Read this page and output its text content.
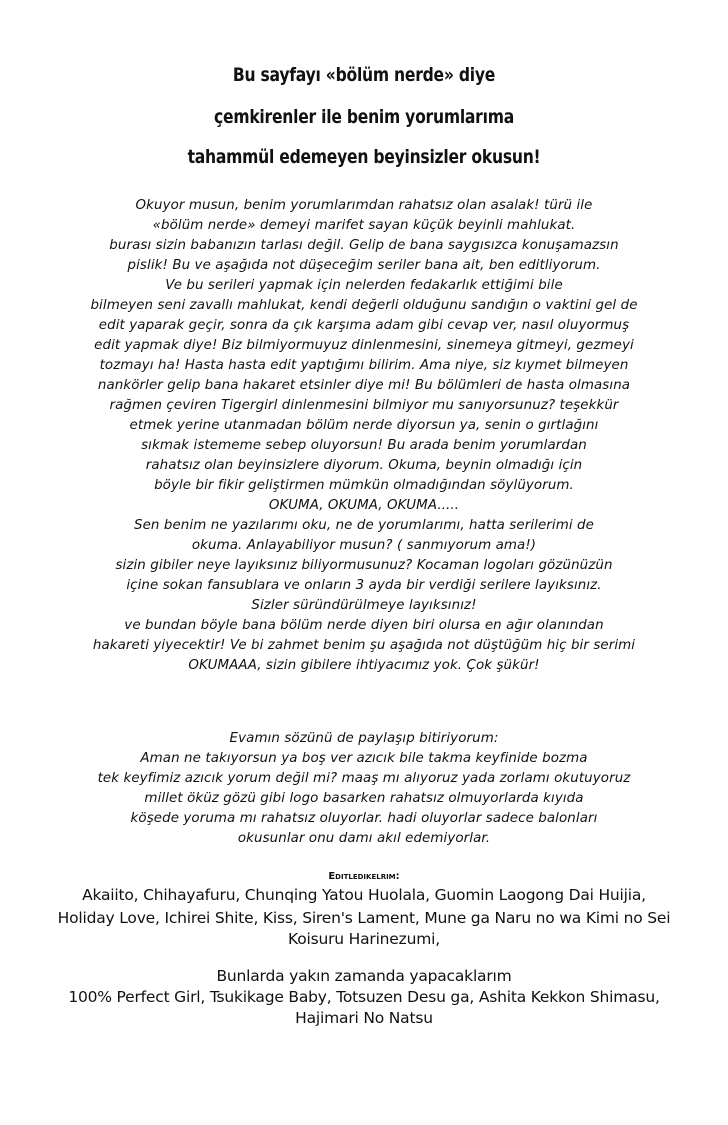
Bu sayfayı «bölüm nerde» diye
çemkirenler ile benim yorumlarıma
tahammül edemeyen beyinsizler okusun!
Okuyor musun, benim yorumlarımdan rahatsız olan asalak! türü ile
«bölüm nerde» demeyi marifet sayan küçük beyinli mahlukat.
burası sizin babanızın tarlası değil. Gelip de bana saygısızca konuşamazsın
pislik! Bu ve aşağıda not düşeceğim seriler bana ait, ben editliyorum.
Ve bu serileri yapmak için nelerden fedakarlık ettiğimi bile
bilmeyen seni zavallı mahlukat, kendi değerli olduğunu sandığın o vaktini gel de
edit yaparak geçir, sonra da çık karşıma adam gibi cevap ver, nasıl oluyormuş
edit yapmak diye! Biz bilmiyormuyuz dinlenmesini, sinemeya gitmeyi, gezmeyi
tozmayı ha! Hasta hasta edit yaptığımı bilirim. Ama niye, siz kıymet bilmeyen
nankörler gelip bana hakaret etsinler diye mi! Bu bölümleri de hasta olmasına
rağmen çeviren Tigergirl dinlenmesini bilmiyor mu sanıyorsunuz? teşekkür
etmek yerine utanmadan bölüm nerde diyorsun ya, senin o gırtlağını
sıkmak istememe sebep oluyorsun! Bu arada benim yorumlardan
rahatsız olan beyinsizlere diyorum. Okuma, beynin olmadığı için
böyle bir fikir geliştirmen mümkün olmadığından söylüyorum.
OKUMA, OKUMA, OKUMA.....
Sen benim ne yazılarımı oku, ne de yorumlarımı, hatta serilerimi de
okuma. Anlayabiliyor musun? ( sanmıyorum ama!)
sizin gibiler neye layıksınız biliyormusunuz? Kocaman logoları gözünüzün
içine sokan fansublara ve onların 3 ayda bir verdiği serilere layıksınız.
Sizler süründürülmeye layıksınız!
ve bundan böyle bana bölüm nerde diyen biri olursa en ağır olanından
hakareti yiyecektir! Ve bi zahmet benim şu aşağıda not düştüğüm hiç bir serimi
OKUMAAA, sizin gibilere ihtiyacımız yok. Çok şükür!
Evamın sözünü de paylaşıp bitiriyorum:
Aman ne takıyorsun ya boş ver azıcık bile takma keyfinide bozma
tek keyfimiz azıcık yorum değil mi? maaş mı alıyoruz yada zorlamı okutuyoruz
millet öküz gözü gibi logo basarken rahatsız olmuyorlarda kıyıda
köşede yoruma mı rahatsız oluyorlar. hadi oluyorlar sadece balonları
okusunlar onu damı akıl edemiyorlar.
Editledikelrim:
Akaiito, Chihayafuru, Chunqing Yatou Huolala, Guomin Laogong Dai Huijia,
Holiday Love, Ichirei Shite, Kiss, Siren's Lament, Mune ga Naru no wa Kimi no Sei
Koisuru Harinezumi,
Bunlarda yakın zamanda yapacaklarım
100% Perfect Girl, Tsukikage Baby, Totsuzen Desu ga, Ashita Kekkon Shimasu,
Hajimari No Natsu
